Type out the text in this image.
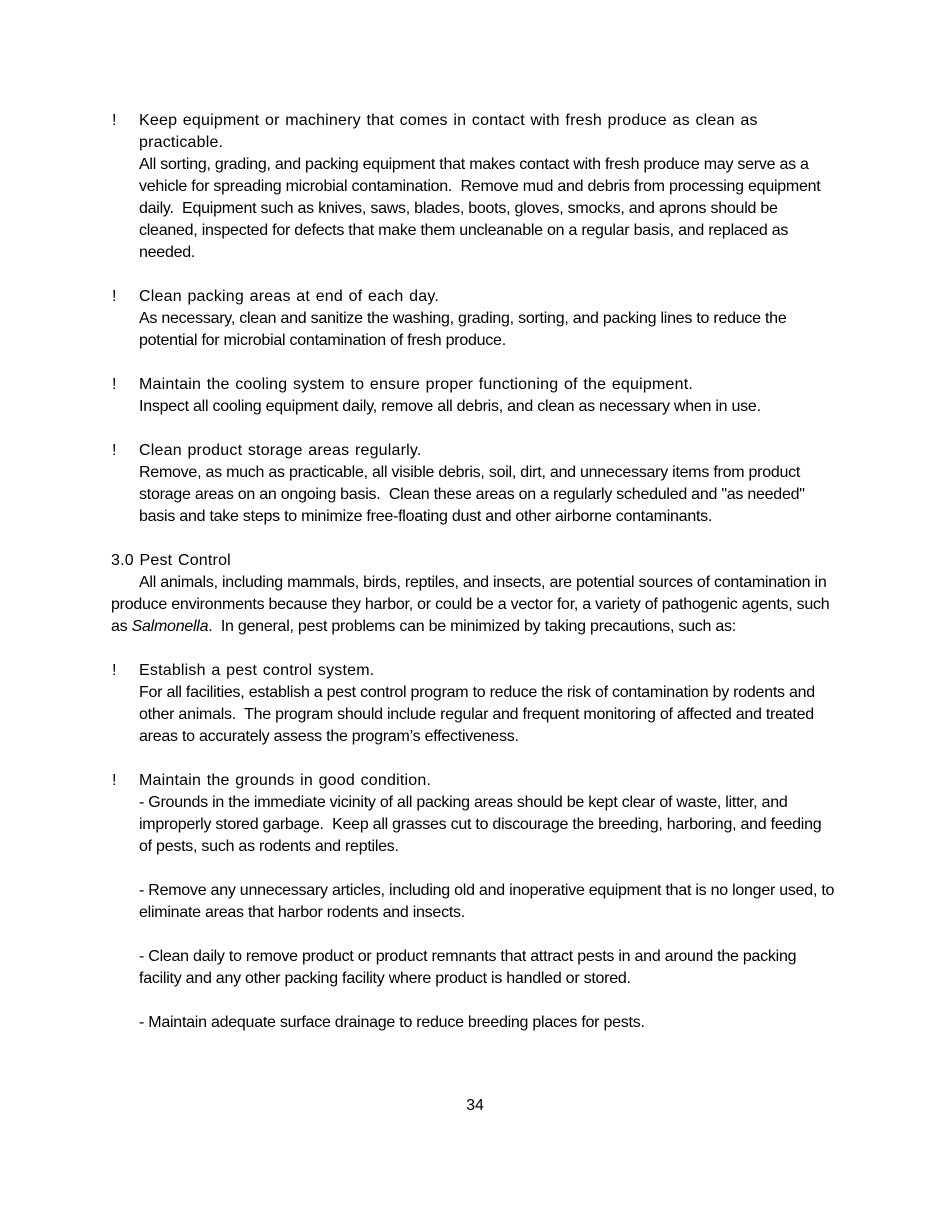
! Keep equipment or machinery that comes in contact with fresh produce as clean as practicable.
All sorting, grading, and packing equipment that makes contact with fresh produce may serve as a vehicle for spreading microbial contamination.  Remove mud and debris from processing equipment daily.  Equipment such as knives, saws, blades, boots, gloves, smocks, and aprons should be cleaned, inspected for defects that make them uncleanable on a regular basis, and replaced as needed.
! Clean packing areas at end of each day.
As necessary, clean and sanitize the washing, grading, sorting, and packing lines to reduce the potential for microbial contamination of fresh produce.
! Maintain the cooling system to ensure proper functioning of the equipment.
Inspect all cooling equipment daily, remove all debris, and clean as necessary when in use.
! Clean product storage areas regularly.
Remove, as much as practicable, all visible debris, soil, dirt, and unnecessary items from product storage areas on an ongoing basis.  Clean these areas on a regularly scheduled and "as needed" basis and take steps to minimize free-floating dust and other airborne contaminants.
3.0 Pest Control

All animals, including mammals, birds, reptiles, and insects, are potential sources of contamination in produce environments because they harbor, or could be a vector for, a variety of pathogenic agents, such as Salmonella.  In general, pest problems can be minimized by taking precautions, such as:

! Establish a pest control system.
For all facilities, establish a pest control program to reduce the risk of contamination by rodents and other animals.  The program should include regular and frequent monitoring of affected and treated areas to accurately assess the program’s effectiveness.
! Maintain the grounds in good condition.

- Grounds in the immediate vicinity of all packing areas should be kept clear of waste, litter, and improperly stored garbage.  Keep all grasses cut to discourage the breeding, harboring, and feeding of pests, such as rodents and reptiles.

- Remove any unnecessary articles, including old and inoperative equipment that is no longer used, to eliminate areas that harbor rodents and insects.

- Clean daily to remove product or product remnants that attract pests in and around the packing facility and any other packing facility where product is handled or stored.

- Maintain adequate surface drainage to reduce breeding places for pests.

34
